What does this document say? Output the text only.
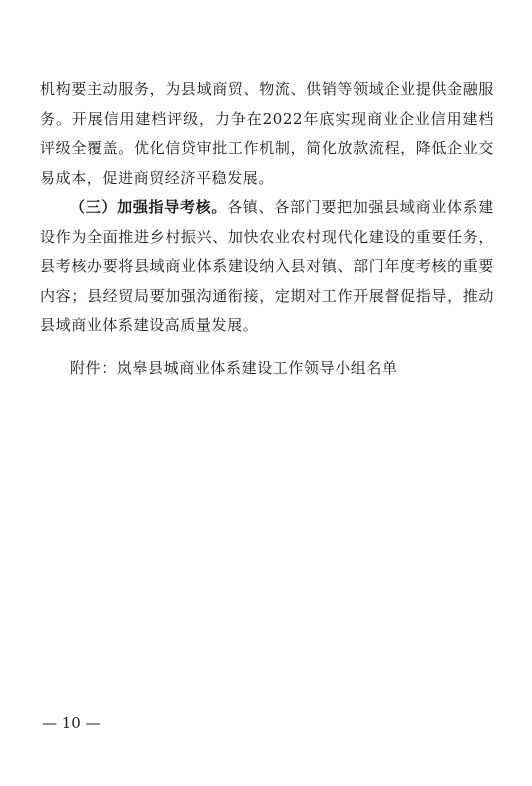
机构要主动服务，为县域商贸、物流、供销等领域企业提供金融服务。开展信用建档评级，力争在2022年底实现商业企业信用建档评级全覆盖。优化信贷审批工作机制，简化放款流程，降低企业交易成本，促进商贸经济平稳发展。

（三）加强指导考核。各镇、各部门要把加强县域商业体系建设作为全面推进乡村振兴、加快农业农村现代化建设的重要任务，县考核办要将县域商业体系建设纳入县对镇、部门年度考核的重要内容；县经贸局要加强沟通衔接，定期对工作开展督促指导，推动县域商业体系建设高质量发展。

附件：岚皋县城商业体系建设工作领导小组名单
— 10 —
